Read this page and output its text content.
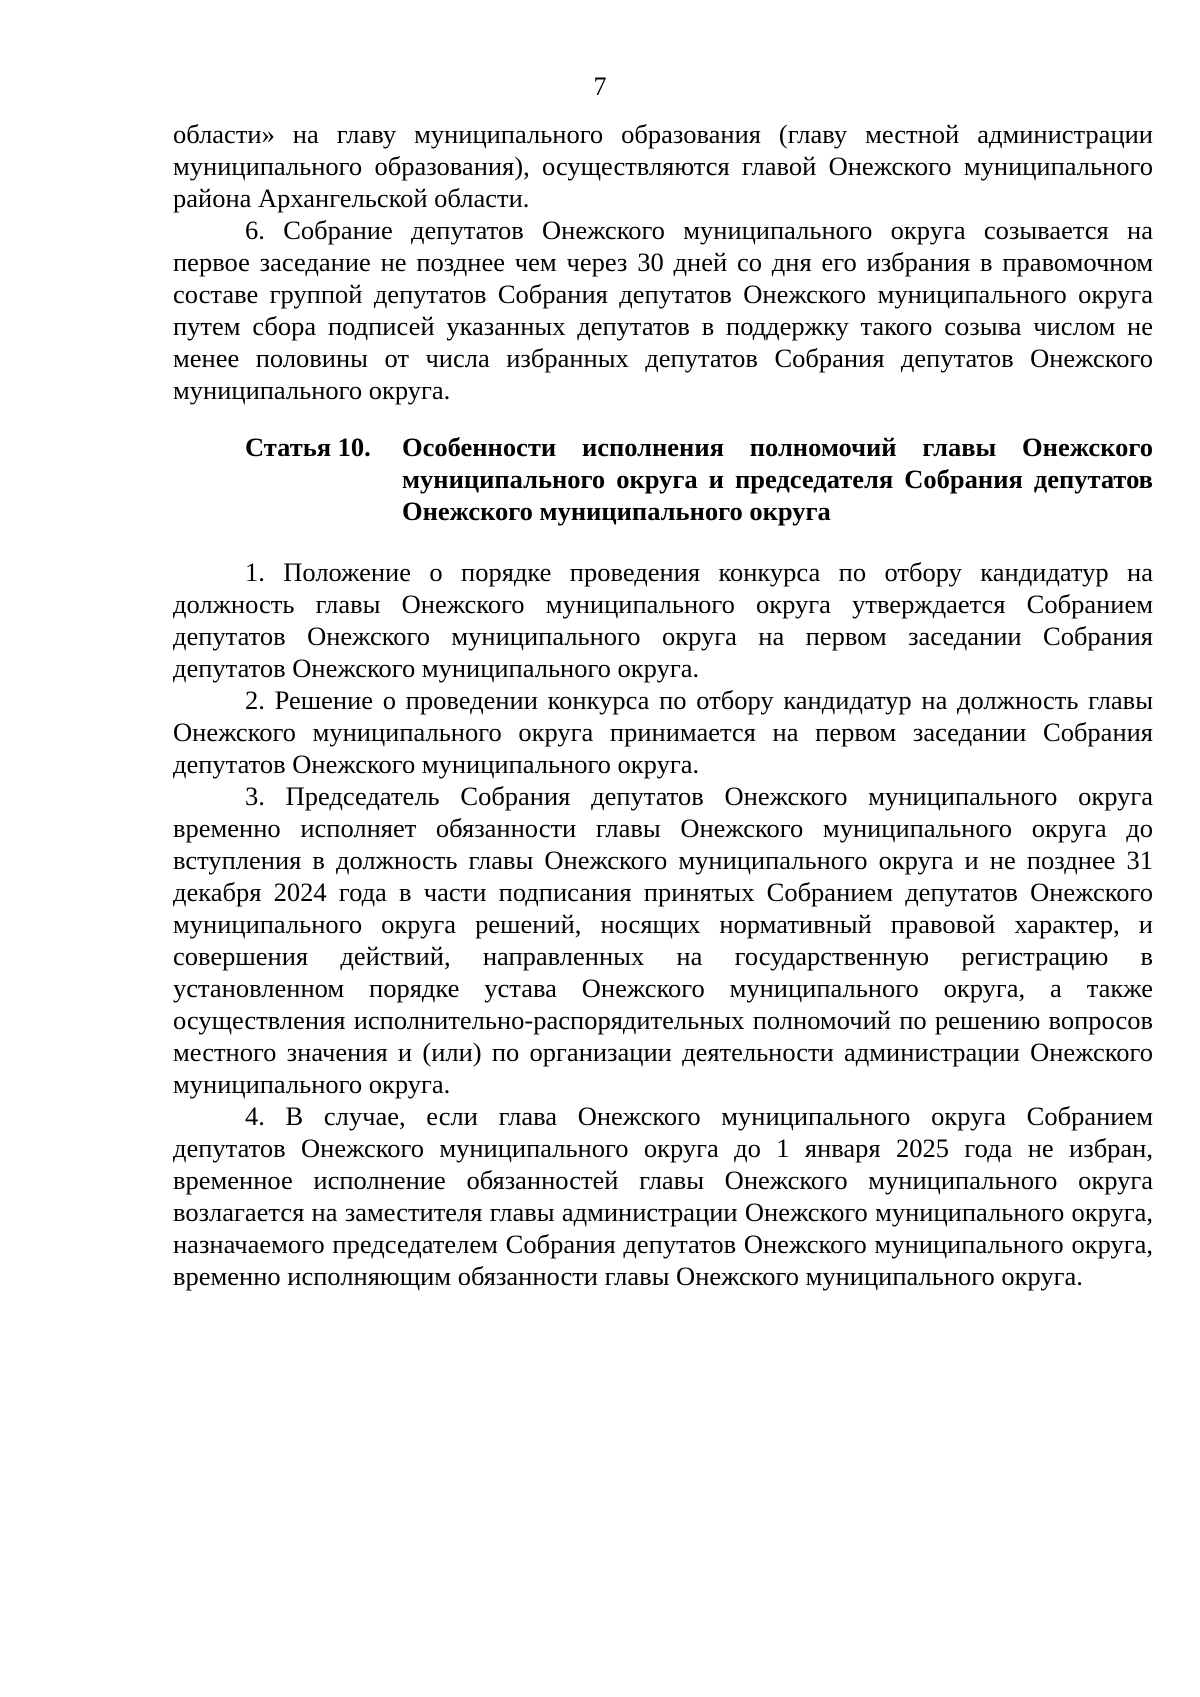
7

области» на главу муниципального образования (главу местной администрации муниципального образования), осуществляются главой Онежского муниципального района Архангельской области.

6. Собрание депутатов Онежского муниципального округа созывается на первое заседание не позднее чем через 30 дней со дня его избрания в правомочном составе группой депутатов Собрания депутатов Онежского муниципального округа путем сбора подписей указанных депутатов в поддержку такого созыва числом не менее половины от числа избранных депутатов Собрания депутатов Онежского муниципального округа.

Статья 10.	Особенности исполнения полномочий главы Онежского муниципального округа и председателя Собрания депутатов Онежского муниципального округа

1. Положение о порядке проведения конкурса по отбору кандидатур на должность главы Онежского муниципального округа утверждается Собранием депутатов Онежского муниципального округа на первом заседании Собрания депутатов Онежского муниципального округа.

2. Решение о проведении конкурса по отбору кандидатур на должность главы Онежского муниципального округа принимается на первом заседании Собрания депутатов Онежского муниципального округа.

3. Председатель Собрания депутатов Онежского муниципального округа временно исполняет обязанности главы Онежского муниципального округа до вступления в должность главы Онежского муниципального округа и не позднее 31 декабря 2024 года в части подписания принятых Собранием депутатов Онежского муниципального округа решений, носящих нормативный правовой характер, и совершения действий, направленных на государственную регистрацию в установленном порядке устава Онежского муниципального округа, а также осуществления исполнительно-распорядительных полномочий по решению вопросов местного значения и (или) по организации деятельности администрации Онежского муниципального округа.

4. В случае, если глава Онежского муниципального округа Собранием депутатов Онежского муниципального округа до 1 января 2025 года не избран, временное исполнение обязанностей главы Онежского муниципального округа возлагается на заместителя главы администрации Онежского муниципального округа, назначаемого председателем Собрания депутатов Онежского муниципального округа, временно исполняющим обязанности главы Онежского муниципального округа.
